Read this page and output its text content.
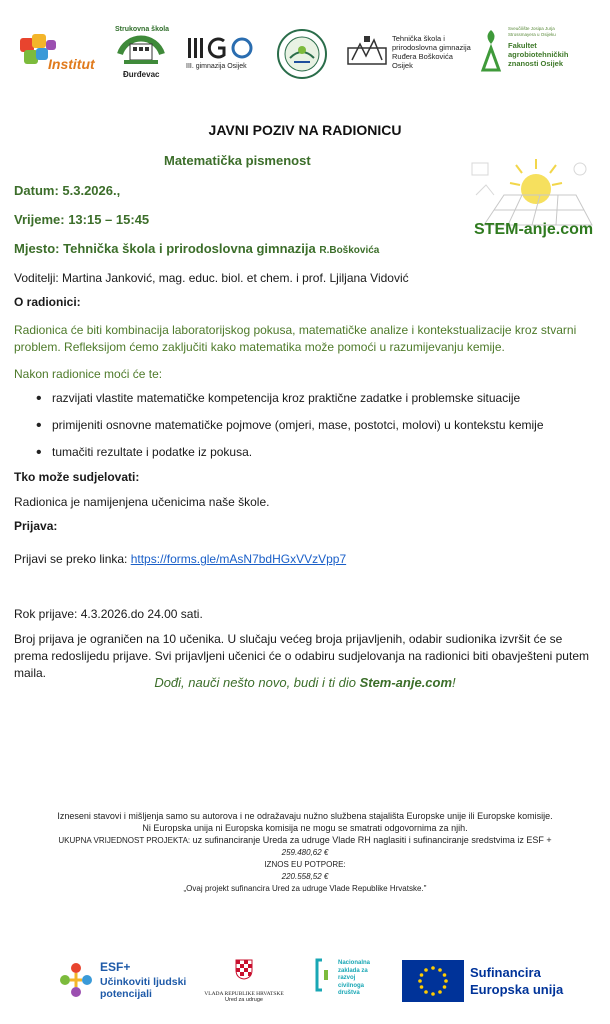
Institut
Strukovna škola
Đurđevac
III. gimnazija Osijek
Tehnička škola i
prirodoslovna gimnazija
Ruđera Boškovića
Osijek
Sveučilište Josipa Jurja
Strossmayera u Osijeku
Fakultet
agrobiotehničkih
znanosti Osijek
JAVNI POZIV NA RADIONICU
Matematička pismenost
Datum: 5.3.2026.,
Vrijeme: 13:15 – 15:45
Mjesto: Tehnička škola i prirodoslovna gimnazija R.Boškovića
STEM-anje.com
Voditelji: Martina Janković, mag. educ. biol. et chem. i prof. Ljiljana Vidović
O radionici:
Radionica će biti kombinacija laboratorijskog pokusa, matematičke analize i kontekstualizacije kroz stvarni problem. Refleksijom ćemo zaključiti kako matematika može pomoći u razumijevanju kemije.
Nakon radionice moći će te:
• razvijati vlastite matematičke kompetencija kroz praktične zadatke i problemske situacije
• primijeniti osnovne matematičke pojmove (omjeri, mase, postotci, molovi) u kontekstu kemije
• tumačiti rezultate i podatke iz pokusa.
Tko može sudjelovati:
Radionica je namijenjena učenicima naše škole.
Prijava:
Prijavi se preko linka: https://forms.gle/mAsN7bdHGxVVzVpp7
Rok prijave: 4.3.2026.do 24.00 sati.
Broj prijava je ograničen na 10 učenika. U slučaju većeg broja prijavljenih, odabir sudionika izvršit će se prema redoslijedu prijave. Svi prijavljeni učenici će o odabiru sudjelovanja na radionici biti obavješteni putem maila.
Dođi, nauči nešto novo, budi i ti dio Stem-anje.com!
Izneseni stavovi i mišljenja samo su autorova i ne odražavaju nužno službena stajališta Europske unije ili Europske komisije.
Ni Europska unija ni Europska komisija ne mogu se smatrati odgovornima za njih.
UKUPNA VRIJEDNOST PROJEKTA: uz sufinanciranje Ureda za udruge Vlade RH naglasiti i sufinanciranje sredstvima iz ESF +
259.480,62 €
IZNOS EU POTPORE:
220.558,52 €
„Ovaj projekt sufinancira Ured za udruge Vlade Republike Hrvatske."
ESF+
Učinkoviti ljudski
potencijali	VLADA REPUBLIKE HRVATSKE
Ured za udruge
Nacionalna
zaklada za
razvoj
civilnoga
društva
Sufinancira
Europska unija
